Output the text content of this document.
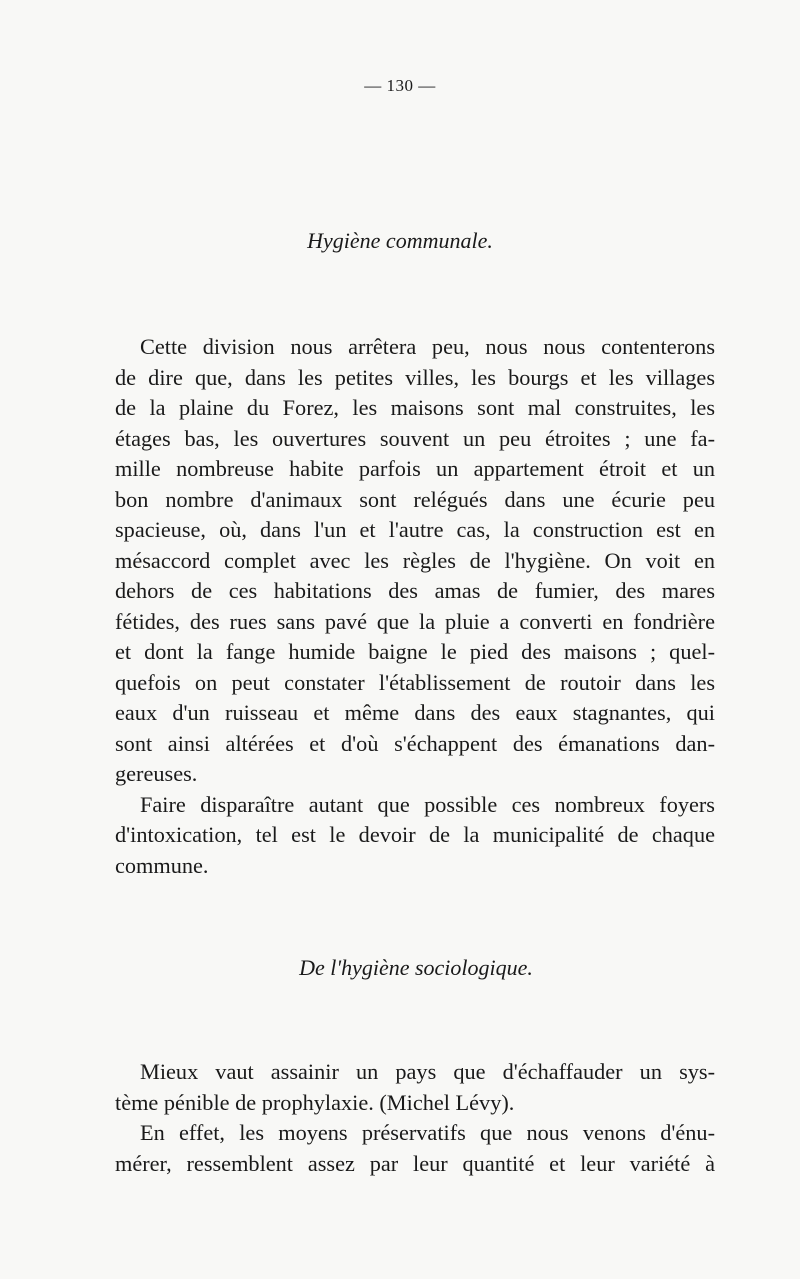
— 130 —
Hygiène communale.
Cette division nous arrêtera peu, nous nous contenterons
de dire que, dans les petites villes, les bourgs et les villages
de la plaine du Forez, les maisons sont mal construites, les
étages bas, les ouvertures souvent un peu étroites ; une fa-
mille nombreuse habite parfois un appartement étroit et un
bon nombre d'animaux sont relégués dans une écurie peu
spacieuse, où, dans l'un et l'autre cas, la construction est en
mésaccord complet avec les règles de l'hygiène. On voit en
dehors de ces habitations des amas de fumier, des mares
fétides, des rues sans pavé que la pluie a converti en fondrière
et dont la fange humide baigne le pied des maisons ; quel-
quefois on peut constater l'établissement de routoir dans les
eaux d'un ruisseau et même dans des eaux stagnantes, qui
sont ainsi altérées et d'où s'échappent des émanations dan-
gereuses.
Faire disparaître autant que possible ces nombreux foyers
d'intoxication, tel est le devoir de la municipalité de chaque
commune.
De l'hygiène sociologique.
Mieux vaut assainir un pays que d'échaffauder un sys-
tème pénible de prophylaxie. (Michel Lévy).
En effet, les moyens préservatifs que nous venons d'énu-
mérer, ressemblent assez par leur quantité et leur variété à
